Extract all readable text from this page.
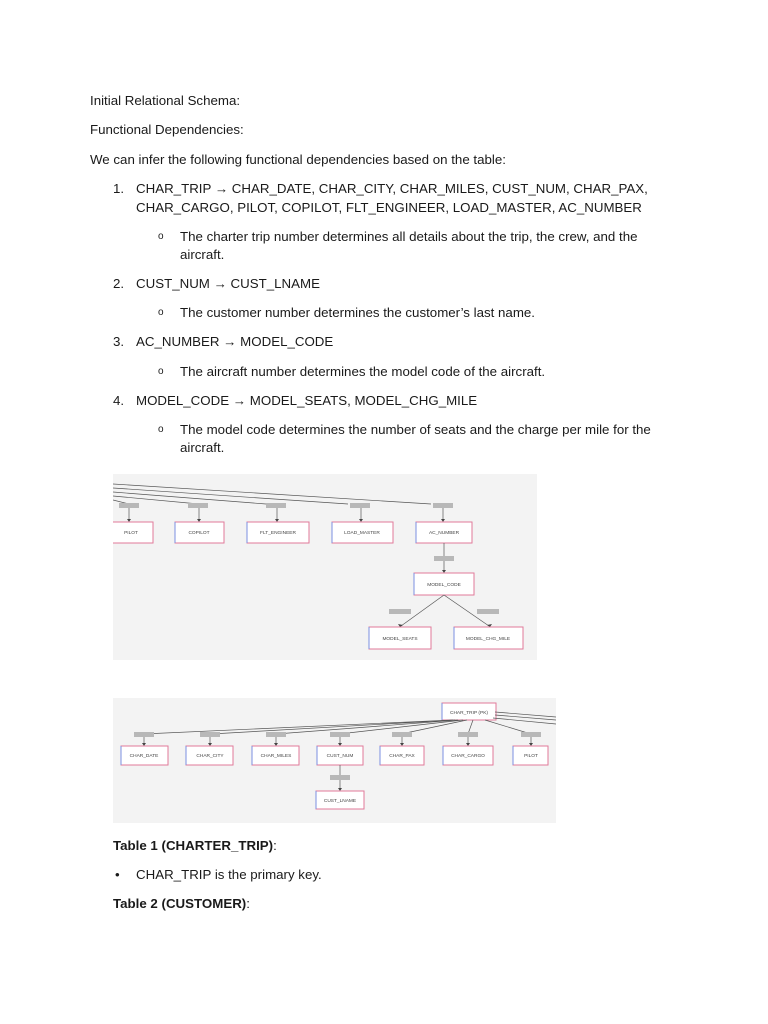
Initial Relational Schema:

Functional Dependencies:

We can infer the following functional dependencies based on the table:

1. CHAR_TRIP → CHAR_DATE, CHAR_CITY, CHAR_MILES, CUST_NUM, CHAR_PAX,

CHAR_CARGO, PILOT, COPILOT, FLT_ENGINEER, LOAD_MASTER, AC_NUMBER

o The charter trip number determines all details about the trip, the crew, and the

aircraft.

2. CUST_NUM → CUST_LNAME

o The customer number determines the customer’s last name.

3. AC_NUMBER → MODEL_CODE

o The aircraft number determines the model code of the aircraft.

4. MODEL_CODE → MODEL_SEATS, MODEL_CHG_MILE

o The model code determines the number of seats and the charge per mile for the

aircraft.

PILOT	COPILOT	FLT_ENGINEER	LOAD_MASTER	AC_NUMBER
MODEL_CODE
MODEL_SEATS	MODEL_CHG_MILE
CHAR_TRIP (PK)
CHAR_DATE	CHAR_CITY	CHAR_MILES	CUST_NUM	CHAR_PAX	CHAR_CARGO	PILOT
CUST_LNAME

Table 1 (CHARTER_TRIP):

• CHAR_TRIP is the primary key.

Table 2 (CUSTOMER):
